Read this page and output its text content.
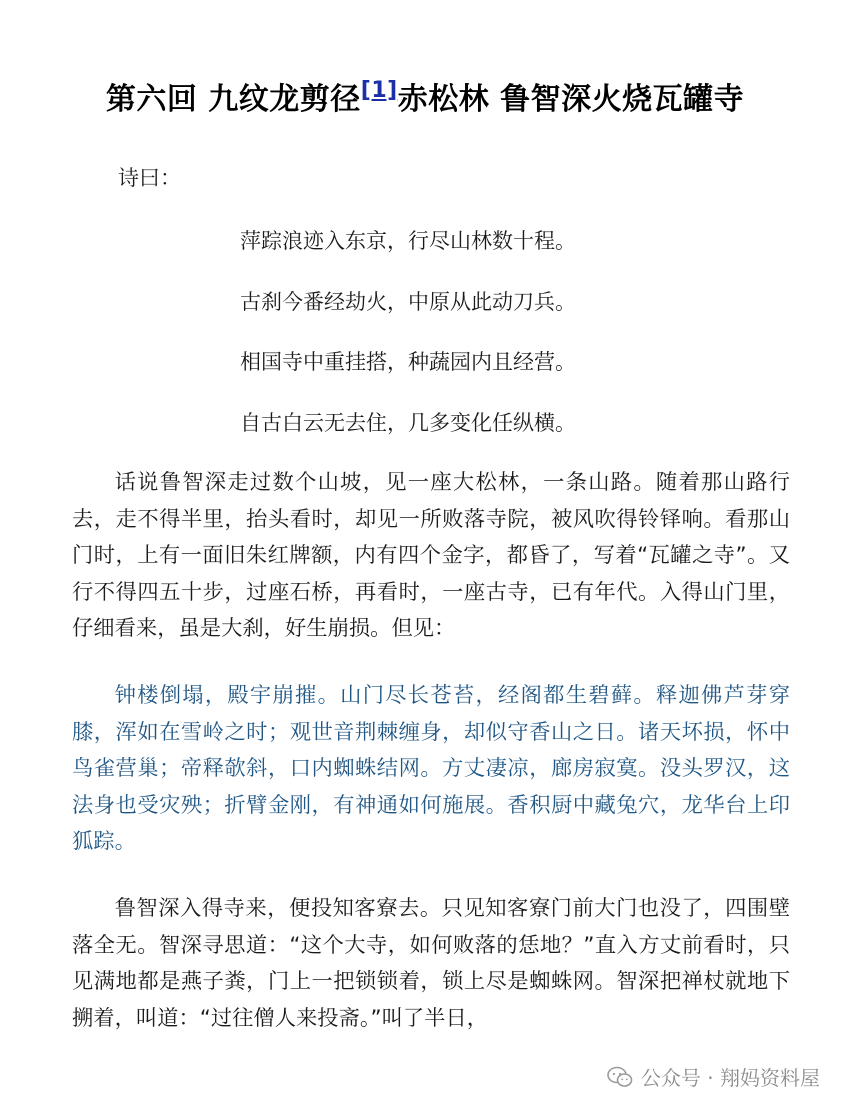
第六回 九纹龙剪径[1]赤松林 鲁智深火烧瓦罐寺
诗曰：
萍踪浪迹入东京，行尽山林数十程。
古刹今番经劫火，中原从此动刀兵。
相国寺中重挂搭，种蔬园内且经营。
自古白云无去住，几多变化任纵横。

话说鲁智深走过数个山坡，见一座大松林，一条山路。随着那山路行去，走不得半里，抬头看时，却见一所败落寺院，被风吹得铃铎响。看那山门时，上有一面旧朱红牌额，内有四个金字，都昏了，写着“瓦罐之寺”。又行不得四五十步，过座石桥，再看时，一座古寺，已有年代。入得山门里，仔细看来，虽是大刹，好生崩损。但见：

钟楼倒塌，殿宇崩摧。山门尽长苍苔，经阁都生碧藓。释迦佛芦芽穿膝，浑如在雪岭之时；观世音荆棘缠身，却似守香山之日。诸天坏损，怀中鸟雀营巢；帝释欹斜，口内蜘蛛结网。方丈凄凉，廊房寂寞。没头罗汉，这法身也受灾殃；折臂金刚，有神通如何施展。香积厨中藏兔穴，龙华台上印狐踪。

鲁智深入得寺来，便投知客寮去。只见知客寮门前大门也没了，四围壁落全无。智深寻思道：“这个大寺，如何败落的恁地？”直入方丈前看时，只见满地都是燕子粪，门上一把锁锁着，锁上尽是蜘蛛网。智深把禅杖就地下搠着，叫道：“过往僧人来投斋。”叫了半日，

公众号 · 翔妈资料屋
